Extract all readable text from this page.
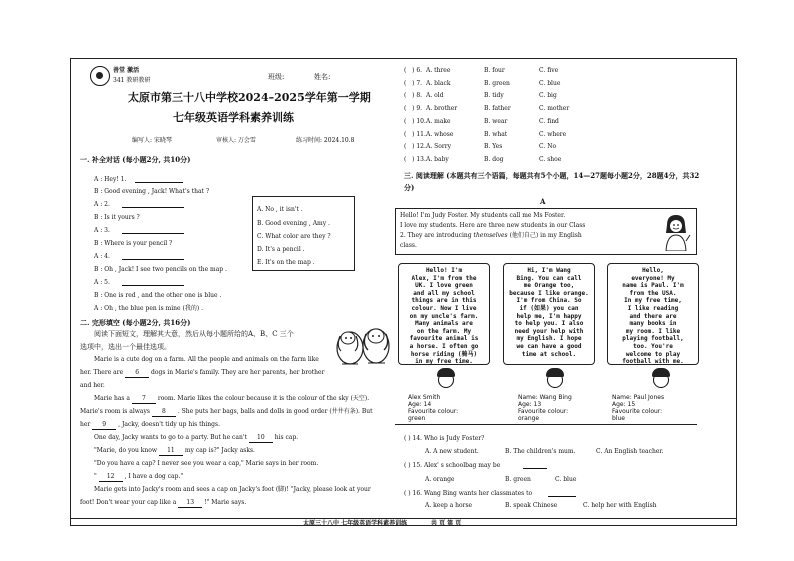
善堂 激活
341 教研教研	班级:	姓名:
太原市第三十八中学校2024–2025学年第一学期
七年级英语学科素养训练
编写人: 宋晓琴	审核人: 万会雪	练习时间: 2024.10.8
一. 补全对话 (每小题2分, 共10分)
A : Hey! 1.
B : Good evening , Jack! What's that ?
A : 2.
B : Is it yours ?
A : 3.
B : Where is your pencil ?
A : 4.
B : Oh , Jack! I see two pencils on the map .
A : 5.
B : One is red , and the other one is blue .
A : Oh , the blue pen is mine (我的) .
A. No , it isn't .
B. Good evening , Amy .
C. What color are they ?
D. It's a pencil .
E. It's on the map .
二. 完形填空 (每小题2分, 共16分)
阅读下面短文，理解其大意，然后从每小题所给的A、B、C 三个
选项中，选出一个最佳选项。
Marie is a cute dog on a farm. All the people and animals on the farm like
her. There are 6 dogs in Marie's family. They are her parents, her brother
and her.
Marie has a 7 room. Marie likes the colour because it is the colour of the sky (天空).
Marie's room is always 8 . She puts her bags, balls and dolls in good order (井井有条). But
her 9 , Jacky, doesn't tidy up his things.
One day, Jacky wants to go to a party. But he can't 10 his cap.
"Marie, do you know 11 my cap is?" Jacky asks.
"Do you have a cap? I never see you wear a cap," Marie says in her room.
" 12 , I have a dog cap."
Marie gets into Jacky's room and sees a cap on Jacky's foot (脚)! "Jacky, please look at your
foot! Don't wear your cap like a 13 !" Marie says.
(   ) 6. A. three	B. four	C. five
(   ) 7. A. black	B. green	C. blue
(   ) 8. A. old	B. tidy	C. big
(   ) 9. A. brother	B. father	C. mother
(   ) 10. A. make	B. wear	C. find
(   ) 11. A. whose	B. what	C. where
(   ) 12. A. Sorry	B. Yes	C. No
(   ) 13. A. baby	B. dog	C. shoe
三. 阅读理解 (本题共有三个语篇，每题共有5个小题，14—27题每小题2分，28题4分，共32
分)
A
Hello! I'm Judy Foster. My students call me Ms Foster.
I love my students. Here are three new students in our Class
2. They are introducing themselves (他们自己) in my English
class.
Hello! I'm
Alex, I'm from the
UK. I love green
and all my school
things are in this
colour. Now I live
on my uncle's farm.
Many animals are
on the farm. My
favourite animal is
a horse. I often go
horse riding (骑马)
in my free time.
Hi, I'm Wang
Bing. You can call
me Orange too,
because I like orange.
I'm from China. So
if (如果) you can
help me, I'm happy
to help you. I also
need your help with
my English. I hope
we can have a good
time at school.
Hello,
everyone! My
name is Paul. I'm
from the USA.
In my free time,
I like reading
and there are
many books in
my room. I like
playing football,
too. You're
welcome to play
football with me.
Alex Smith
Age: 14
Favourite colour:
green
Name: Wang Bing
Age: 13
Favourite colour:
orange
Name: Paul Jones
Age: 15
Favourite colour:
blue
( ) 14. Who is Judy Foster?
A. A new student.	B. The children's mum.	C. An English teacher.
( ) 15. Alex' s schoolbag may be
A. orange	B. green	C. blue
( ) 16. Wang Bing wants her classmates to
A. keep a horse	B. speak Chinese	C. help her with English
太原三十八中 七年级英语学科素养训练	共 页 第 页
